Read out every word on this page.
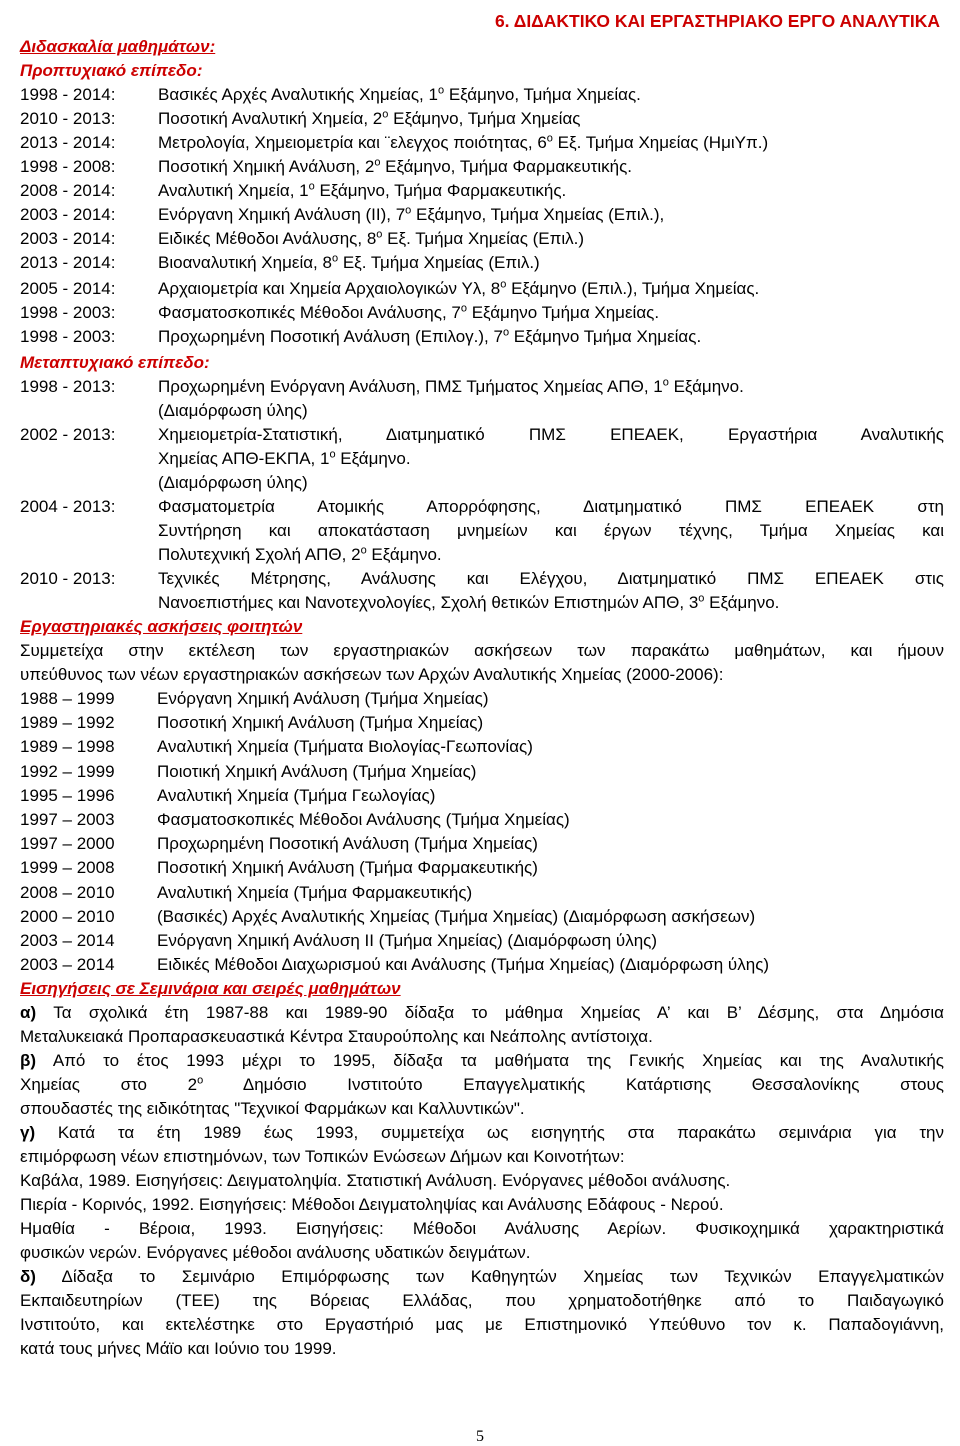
6. ΔΙΔΑΚΤΙΚΟ ΚΑΙ ΕΡΓΑΣΤΗΡΙΑΚΟ ΕΡΓΟ ΑΝΑΛΥΤΙΚΑ
Διδασκαλία μαθημάτων:
Προπτυχιακό επίπεδο:
1998 - 2014:	Βασικές Αρχές Αναλυτικής Χημείας, $1^o$ Εξάμηνο, Τμήμα Χημείας.
2010 - 2013:	Ποσοτική Αναλυτική Χημεία, $2^o$ Εξάμηνο, Τμήμα Χημείας
2013 - 2014:	Μετρολογία, Χημειομετρία και ¨ελεγχος ποιότητας, $6^o$ Εξ. Τμήμα Χημείας (ΗμιΥπ.)
1998 - 2008:	Ποσοτική Χημική Ανάλυση, $2^o$ Εξάμηνο, Τμήμα Φαρμακευτικής.
2008 - 2014:	Αναλυτική Χημεία, $1^o$ Εξάμηνο, Τμήμα Φαρμακευτικής.
2003 - 2014:	Ενόργανη Χημική Ανάλυση (ΙΙ), $7^o$ Εξάμηνο, Τμήμα Χημείας (Επιλ.),
2003 - 2014:	Ειδικές Μέθοδοι Ανάλυσης, $8^o$ Εξ. Τμήμα Χημείας (Επιλ.)
2013 - 2014:	Βιοαναλυτική Χημεία, $8^o$ Εξ. Τμήμα Χημείας (Επιλ.)
2005 - 2014:	Αρχαιομετρία και Χημεία Αρχαιολογικών Υλ, $8^o$ Εξάμηνο (Επιλ.), Τμήμα Χημείας.
1998 - 2003:	Φασματοσκοπικές Μέθοδοι Ανάλυσης, $7^o$ Εξάμηνο Τμήμα Χημείας.
1998 - 2003:	Προχωρημένη Ποσοτική Ανάλυση (Επιλογ.), $7^o$ Εξάμηνο Τμήμα Χημείας.
Μεταπτυχιακό επίπεδο:
1998 - 2013:	Προχωρημένη Ενόργανη Ανάλυση, ΠΜΣ Τμήματος Χημείας ΑΠΘ, $1^o$ Εξάμηνο.
(Διαμόρφωση ύλης)
2002 - 2013:	Χημειομετρία-Στατιστική, Διατμηματικό ΠΜΣ ΕΠΕΑΕΚ, Εργαστήρια Αναλυτικής
Χημείας ΑΠΘ-ΕΚΠΑ, $1^o$ Εξάμηνο.
(Διαμόρφωση ύλης)
2004 - 2013:	Φασματομετρία Ατομικής Απορρόφησης, Διατμηματικό ΠΜΣ ΕΠΕΑΕΚ στη
Συντήρηση και αποκατάσταση μνημείων και έργων τέχνης, Τμήμα Χημείας και
Πολυτεχνική Σχολή ΑΠΘ, $2^o$ Εξάμηνο.
2010 - 2013:	Τεχνικές Μέτρησης, Ανάλυσης και Ελέγχου, Διατμηματικό ΠΜΣ ΕΠΕΑΕΚ στις
Νανοεπιστήμες και Νανοτεχνολογίες, Σχολή θετικών Επιστημών ΑΠΘ, $3^o$ Εξάμηνο.
Εργαστηριακές ασκήσεις φοιτητών
Συμμετείχα στην εκτέλεση των εργαστηριακών ασκήσεων των παρακάτω μαθημάτων, και ήμουν
υπεύθυνος των νέων εργαστηριακών ασκήσεων των Αρχών Αναλυτικής Χημείας (2000-2006):
1988 – 1999	Ενόργανη Χημική Ανάλυση (Τμήμα Χημείας)
1989 – 1992	Ποσοτική Χημική Ανάλυση (Τμήμα Χημείας)
1989 – 1998	Αναλυτική Χημεία (Τμήματα Βιολογίας-Γεωπονίας)
1992 – 1999	Ποιοτική Χημική Ανάλυση (Τμήμα Χημείας)
1995 – 1996	Αναλυτική Χημεία (Τμήμα Γεωλογίας)
1997 – 2003	Φασματοσκοπικές Μέθοδοι Ανάλυσης (Τμήμα Χημείας)
1997 – 2000	Προχωρημένη Ποσοτική Ανάλυση (Τμήμα Χημείας)
1999 – 2008	Ποσοτική Χημική Ανάλυση (Τμήμα Φαρμακευτικής)
2008 – 2010	Αναλυτική Χημεία (Τμήμα Φαρμακευτικής)
2000 – 2010	(Βασικές) Αρχές Αναλυτικής Χημείας (Τμήμα Χημείας) (Διαμόρφωση ασκήσεων)
2003 – 2014	Ενόργανη Χημική Ανάλυση ΙΙ (Τμήμα Χημείας) (Διαμόρφωση ύλης)
2003 – 2014	Ειδικές Μέθοδοι Διαχωρισμού και Ανάλυσης (Τμήμα Χημείας) (Διαμόρφωση ύλης)
Εισηγήσεις σε Σεμινάρια και σειρές μαθημάτων
α) Τα σχολικά έτη 1987-88 και 1989-90 δίδαξα το μάθημα Χημείας Α’ και Β’ Δέσμης, στα Δημόσια
Μεταλυκειακά Προπαρασκευαστικά Κέντρα Σταυρούπολης και Νεάπολης αντίστοιχα.
β) Από το έτος 1993 μέχρι το 1995, δίδαξα τα μαθήματα της Γενικής Χημείας και της Αναλυτικής
Χημείας στο $2^o$ Δημόσιο Ινστιτούτο Επαγγελματικής Κατάρτισης Θεσσαλονίκης στους
σπουδαστές της ειδικότητας "Τεχνικοί Φαρμάκων και Καλλυντικών".
γ) Κατά τα έτη 1989 έως 1993, συμμετείχα ως εισηγητής στα παρακάτω σεμινάρια για την
επιμόρφωση νέων επιστημόνων, των Τοπικών Ενώσεων Δήμων και Κοινοτήτων:
Καβάλα, 1989. Εισηγήσεις: Δειγματοληψία. Στατιστική Ανάλυση. Ενόργανες μέθοδοι ανάλυσης.
Πιερία - Κορινός, 1992. Εισηγήσεις: Μέθοδοι Δειγματοληψίας και Ανάλυσης Εδάφους - Νερού.
Ημαθία - Βέροια, 1993. Εισηγήσεις: Μέθοδοι Ανάλυσης Αερίων. Φυσικοχημικά χαρακτηριστικά
φυσικών νερών. Ενόργανες μέθοδοι ανάλυσης υδατικών δειγμάτων.
δ) Δίδαξα το Σεμινάριο Επιμόρφωσης των Καθηγητών Χημείας των Τεχνικών Επαγγελματικών
Εκπαιδευτηρίων (ΤΕΕ) της Βόρειας Ελλάδας, που χρηματοδοτήθηκε από το Παιδαγωγικό
Ινστιτούτο, και εκτελέστηκε στο Εργαστήριό μας με Επιστημονικό Υπεύθυνο τον κ. Παπαδογιάννη,
κατά τους μήνες Μάϊο και Ιούνιο του 1999.
5
